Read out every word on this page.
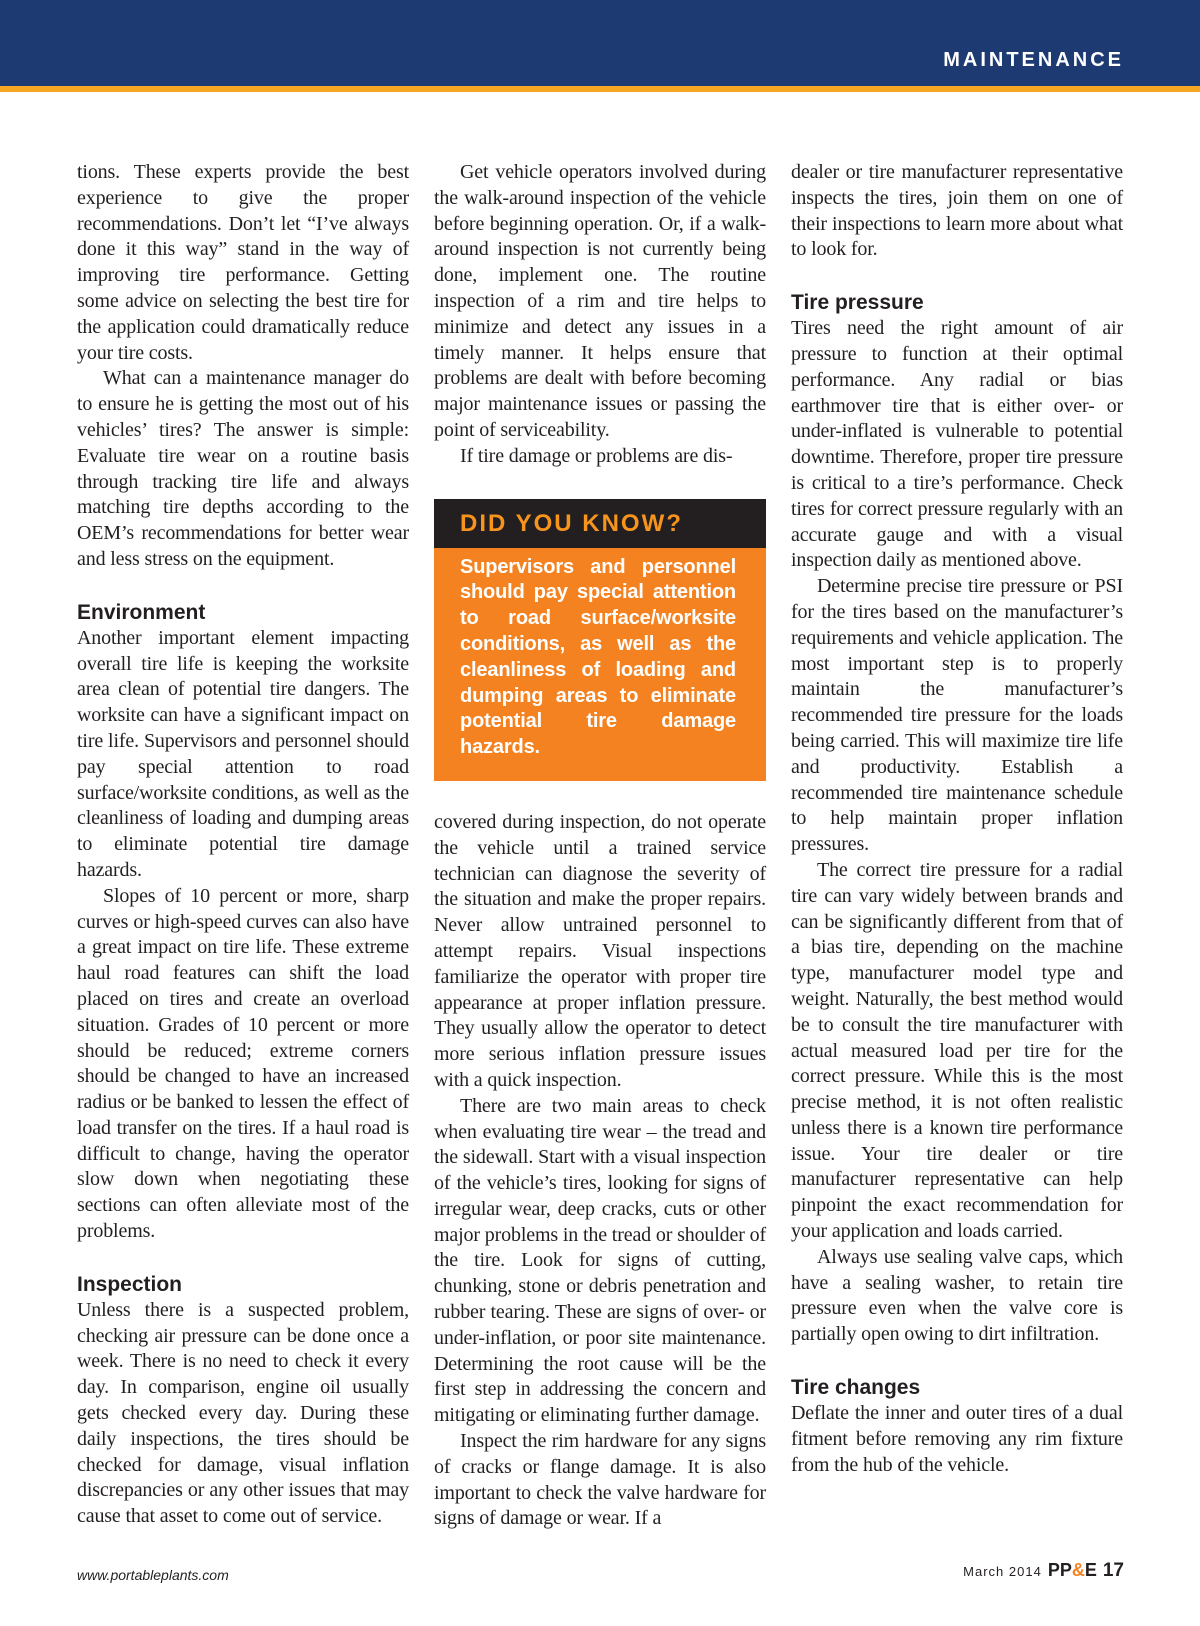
MAINTENANCE

tions. These experts provide the best experience to give the proper recommendations. Don’t let “I’ve always done it this way” stand in the way of improving tire performance. Getting some advice on selecting the best tire for the application could dramatically reduce your tire costs.

What can a maintenance manager do to ensure he is getting the most out of his vehicles’ tires? The answer is simple: Evaluate tire wear on a routine basis through tracking tire life and always matching tire depths according to the OEM’s recommendations for better wear and less stress on the equipment.

Environment

Another important element impacting overall tire life is keeping the worksite area clean of potential tire dangers. The worksite can have a significant impact on tire life. Supervisors and personnel should pay special attention to road surface/worksite conditions, as well as the cleanliness of loading and dumping areas to eliminate potential tire damage hazards.

Slopes of 10 percent or more, sharp curves or high-speed curves can also have a great impact on tire life. These extreme haul road features can shift the load placed on tires and create an overload situation. Grades of 10 percent or more should be reduced; extreme corners should be changed to have an increased radius or be banked to lessen the effect of load transfer on the tires. If a haul road is difficult to change, having the operator slow down when negotiating these sections can often alleviate most of the problems.

Inspection

Unless there is a suspected problem, checking air pressure can be done once a week. There is no need to check it every day. In comparison, engine oil usually gets checked every day. During these daily inspections, the tires should be checked for damage, visual inflation discrepancies or any other issues that may cause that asset to come out of service.

Get vehicle operators involved during the walk-around inspection of the vehicle before beginning operation. Or, if a walk-around inspection is not currently being done, implement one. The routine inspection of a rim and tire helps to minimize and detect any issues in a timely manner. It helps ensure that problems are dealt with before becoming major maintenance issues or passing the point of serviceability.

If tire damage or problems are dis-

DID YOU KNOW?

Supervisors and personnel should pay special attention to road surface/worksite conditions, as well as the cleanliness of loading and dumping areas to eliminate potential tire damage hazards.

covered during inspection, do not operate the vehicle until a trained service technician can diagnose the severity of the situation and make the proper repairs. Never allow untrained personnel to attempt repairs. Visual inspections familiarize the operator with proper tire appearance at proper inflation pressure. They usually allow the operator to detect more serious inflation pressure issues with a quick inspection.

There are two main areas to check when evaluating tire wear – the tread and the sidewall. Start with a visual inspection of the vehicle’s tires, looking for signs of irregular wear, deep cracks, cuts or other major problems in the tread or shoulder of the tire. Look for signs of cutting, chunking, stone or debris penetration and rubber tearing. These are signs of over- or under-inflation, or poor site maintenance. Determining the root cause will be the first step in addressing the concern and mitigating or eliminating further damage.

Inspect the rim hardware for any signs of cracks or flange damage. It is also important to check the valve hardware for signs of damage or wear. If a

dealer or tire manufacturer representative inspects the tires, join them on one of their inspections to learn more about what to look for.

Tire pressure

Tires need the right amount of air pressure to function at their optimal performance. Any radial or bias earthmover tire that is either over- or under-inflated is vulnerable to potential downtime. Therefore, proper tire pressure is critical to a tire’s performance. Check tires for correct pressure regularly with an accurate gauge and with a visual inspection daily as mentioned above.

Determine precise tire pressure or PSI for the tires based on the manufacturer’s requirements and vehicle application. The most important step is to properly maintain the manufacturer’s recommended tire pressure for the loads being carried. This will maximize tire life and productivity. Establish a recommended tire maintenance schedule to help maintain proper inflation pressures.

The correct tire pressure for a radial tire can vary widely between brands and can be significantly different from that of a bias tire, depending on the machine type, manufacturer model type and weight. Naturally, the best method would be to consult the tire manufacturer with actual measured load per tire for the correct pressure. While this is the most precise method, it is not often realistic unless there is a known tire performance issue. Your tire dealer or tire manufacturer representative can help pinpoint the exact recommendation for your application and loads carried.

Always use sealing valve caps, which have a sealing washer, to retain tire pressure even when the valve core is partially open owing to dirt infiltration.

Tire changes

Deflate the inner and outer tires of a dual fitment before removing any rim fixture from the hub of the vehicle.

www.portableplants.com	March 2014 PP&E 17
